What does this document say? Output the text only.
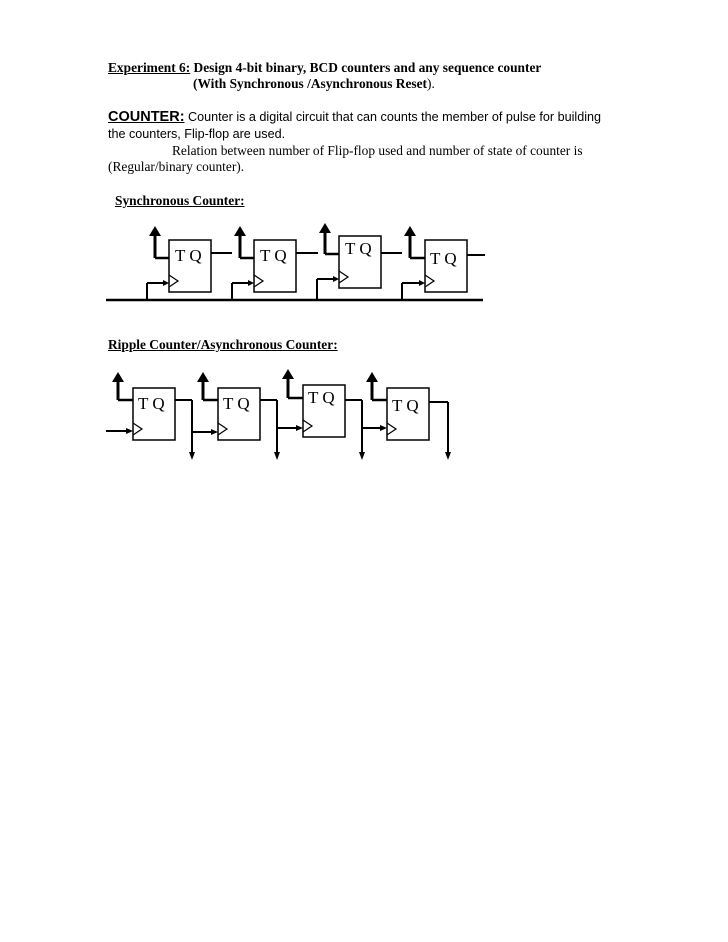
Experiment 6: Design 4-bit binary, BCD counters and any sequence counter
(With Synchronous /Asynchronous Reset).
COUNTER: Counter is a digital circuit that can counts the member of pulse for building
the counters, Flip-flop are used.
Relation between number of Flip-flop used and number of state of counter is
(Regular/binary counter).
Synchronous Counter:
T Q	T Q	T Q
T Q
T Q	T Q	T Q	T Q
Ripple Counter/Asynchronous Counter:
